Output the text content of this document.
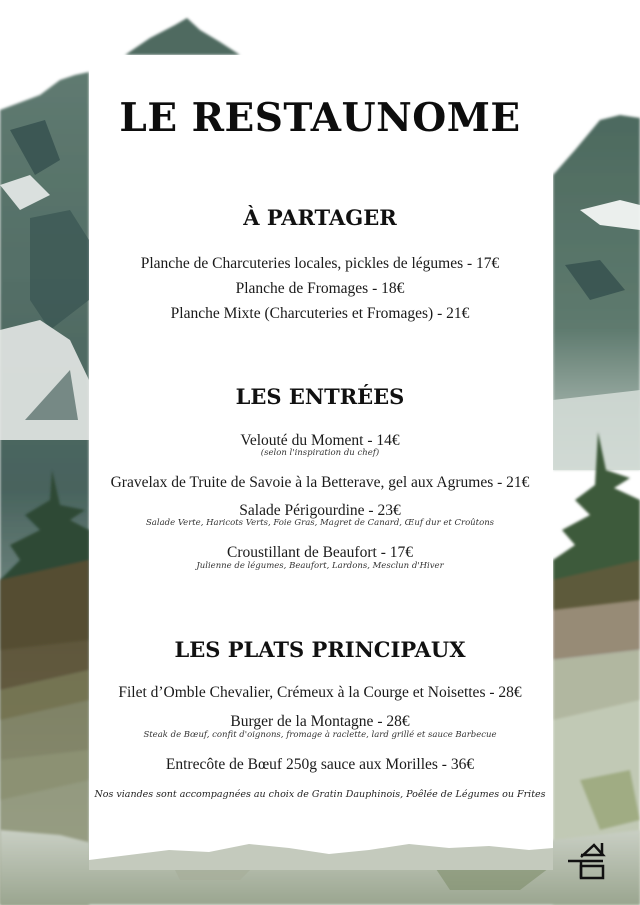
LE RESTAUNOME
À PARTAGER
Planche de Charcuteries locales, pickles de légumes - 17€
Planche de Fromages - 18€
Planche Mixte (Charcuteries et Fromages) - 21€
LES ENTRÉES
Velouté du Moment - 14€
(selon l'inspiration du chef)
Gravelax de Truite de Savoie à la Betterave, gel aux Agrumes - 21€
Salade Périgourdine - 23€
Salade Verte, Haricots Verts, Foie Gras, Magret de Canard, Œuf dur et Croûtons
Croustillant de Beaufort - 17€
Julienne de légumes, Beaufort, Lardons, Mesclun d'Hiver
LES PLATS PRINCIPAUX
Filet d’Omble Chevalier, Crémeux à la Courge et Noisettes - 28€
Burger de la Montagne - 28€
Steak de Bœuf, confit d'oignons, fromage à raclette, lard grillé et sauce Barbecue
Entrecôte de Bœuf 250g sauce aux Morilles - 36€
Nos viandes sont accompagnées au choix de Gratin Dauphinois, Poêlée de Légumes ou Frites
